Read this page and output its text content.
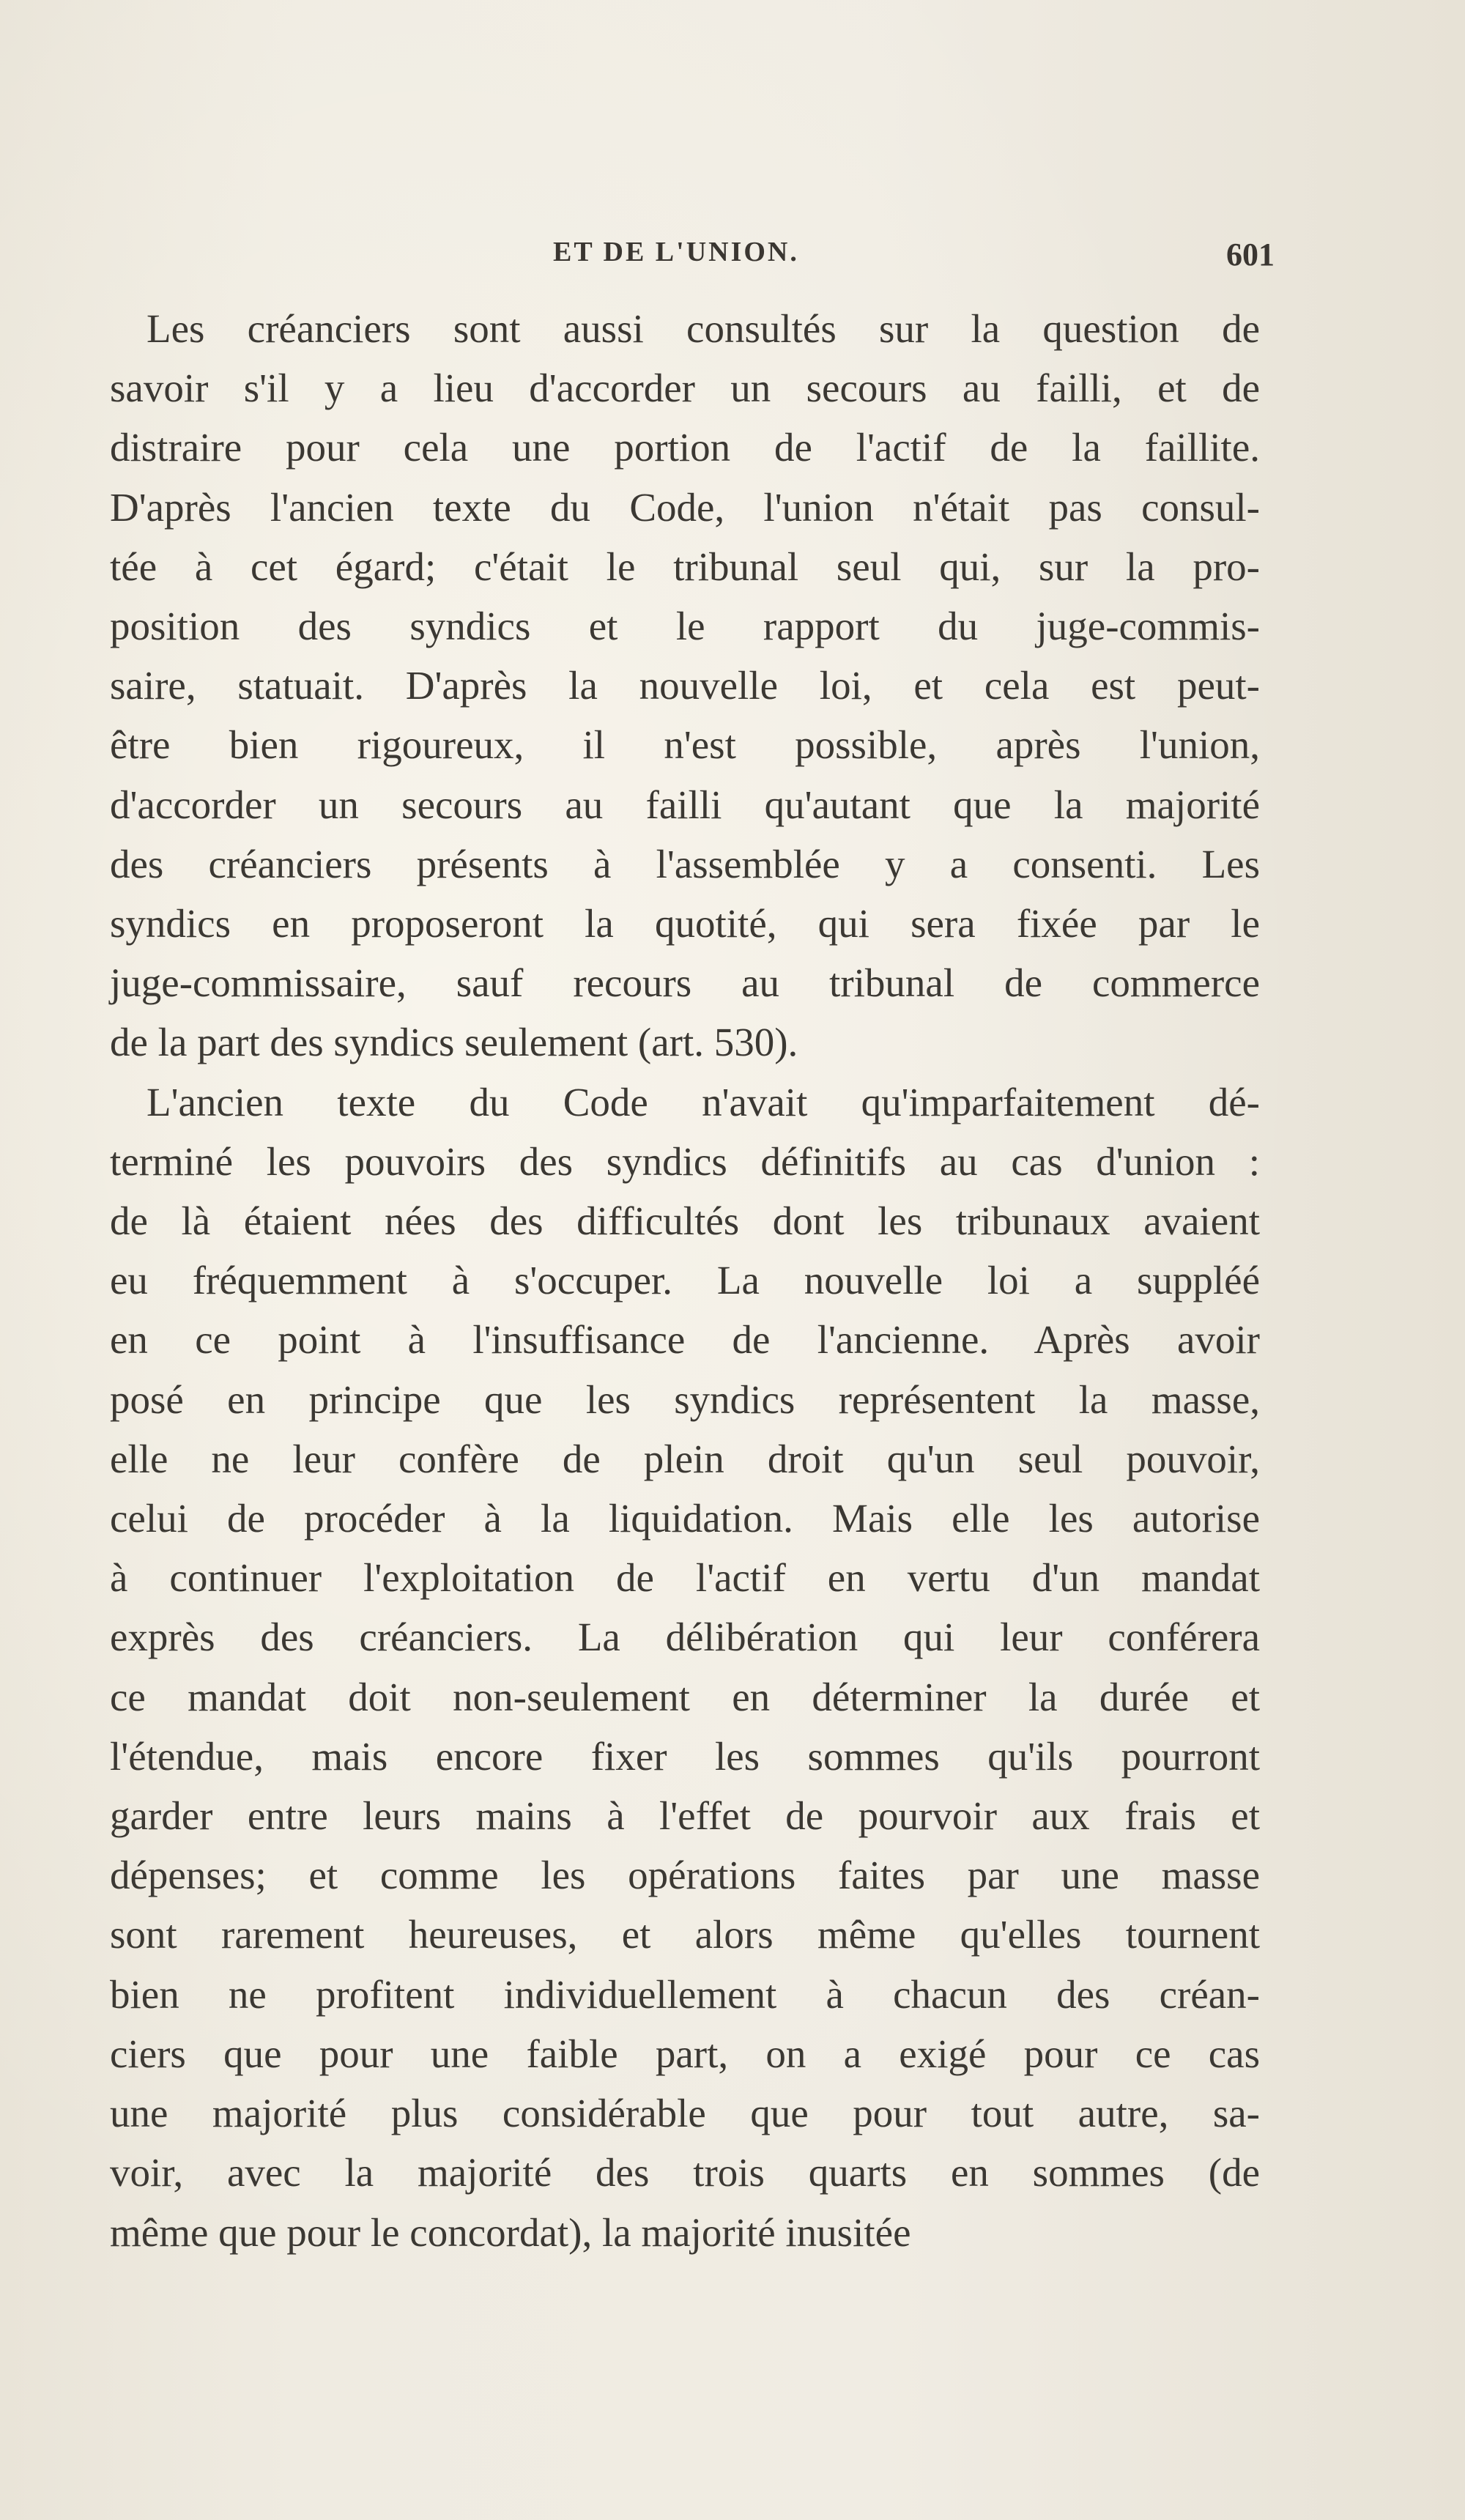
ET DE L'UNION.	601
Les créanciers sont aussi consultés sur la question de
savoir s'il y a lieu d'accorder un secours au failli, et de
distraire pour cela une portion de l'actif de la faillite.
D'après l'ancien texte du Code, l'union n'était pas consul-
tée à cet égard; c'était le tribunal seul qui, sur la pro-
position des syndics et le rapport du juge-commis-
saire, statuait. D'après la nouvelle loi, et cela est peut-
être bien rigoureux, il n'est possible, après l'union,
d'accorder un secours au failli qu'autant que la majorité
des créanciers présents à l'assemblée y a consenti. Les
syndics en proposeront la quotité, qui sera fixée par le
juge-commissaire, sauf recours au tribunal de commerce
de la part des syndics seulement (art. 530).
L'ancien texte du Code n'avait qu'imparfaitement dé-
terminé les pouvoirs des syndics définitifs au cas d'union :
de là étaient nées des difficultés dont les tribunaux avaient
eu fréquemment à s'occuper. La nouvelle loi a suppléé
en ce point à l'insuffisance de l'ancienne. Après avoir
posé en principe que les syndics représentent la masse,
elle ne leur confère de plein droit qu'un seul pouvoir,
celui de procéder à la liquidation. Mais elle les autorise
à continuer l'exploitation de l'actif en vertu d'un mandat
exprès des créanciers. La délibération qui leur conférera
ce mandat doit non-seulement en déterminer la durée et
l'étendue, mais encore fixer les sommes qu'ils pourront
garder entre leurs mains à l'effet de pourvoir aux frais et
dépenses; et comme les opérations faites par une masse
sont rarement heureuses, et alors même qu'elles tournent
bien ne profitent individuellement à chacun des créan-
ciers que pour une faible part, on a exigé pour ce cas
une majorité plus considérable que pour tout autre, sa-
voir, avec la majorité des trois quarts en sommes (de
même que pour le concordat), la majorité inusitée
